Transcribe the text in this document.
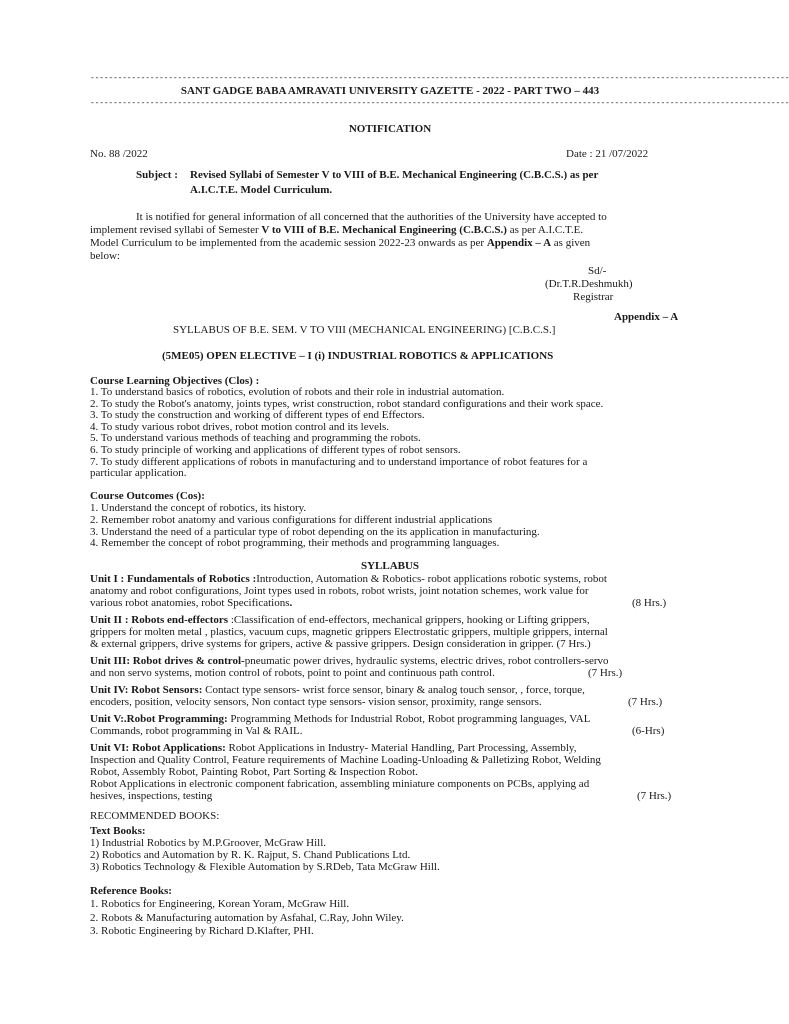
--------------------------------------------------------------------------------------------------------------------------------------------------------
SANT GADGE BABA AMRAVATI UNIVERSITY GAZETTE - 2022 - PART TWO – 443
--------------------------------------------------------------------------------------------------------------------------------------------------------
NOTIFICATION
No. 88 /2022	Date : 21 /07/2022
Subject : Revised Syllabi of Semester V to VIII of B.E. Mechanical Engineering (C.B.C.S.) as per
A.I.C.T.E. Model Curriculum.
It is notified for general information of all concerned that the authorities of the University have accepted to
implement revised syllabi of Semester V to VIII of B.E. Mechanical Engineering (C.B.C.S.) as per A.I.C.T.E.
Model Curriculum to be implemented from the academic session 2022-23 onwards as per Appendix – A as given
below:
Sd/-
(Dr.T.R.Deshmukh)
Registrar
Appendix – A
SYLLABUS OF B.E. SEM. V TO VIII (MECHANICAL ENGINEERING) [C.B.C.S.]
(5ME05) OPEN ELECTIVE – I (i) INDUSTRIAL ROBOTICS & APPLICATIONS
Course Learning Objectives (Clos) :
1. To understand basics of robotics, evolution of robots and their role in industrial automation.
2. To study the Robot's anatomy, joints types, wrist construction, robot standard configurations and their work space.
3. To study the construction and working of different types of end Effectors.
4. To study various robot drives, robot motion control and its levels.
5. To understand various methods of teaching and programming the robots.
6. To study principle of working and applications of different types of robot sensors.
7. To study different applications of robots in manufacturing and to understand importance of robot features for a
particular application.
Course Outcomes (Cos):
1. Understand the concept of robotics, its history.
2. Remember robot anatomy and various configurations for different industrial applications
3. Understand the need of a particular type of robot depending on the its application in manufacturing.
4. Remember the concept of robot programming, their methods and programming languages.
SYLLABUS
Unit I : Fundamentals of Robotics :Introduction, Automation & Robotics- robot applications robotic systems, robot
anatomy and robot configurations, Joint types used in robots, robot wrists, joint notation schemes, work value for
various robot anatomies, robot Specifications.	(8 Hrs.)
Unit II : Robots end-effectors :Classification of end-effectors, mechanical grippers, hooking or Lifting grippers,
grippers for molten metal , plastics, vacuum cups, magnetic grippers Electrostatic grippers, multiple grippers, internal
& external grippers, drive systems for gripers, active & passive grippers. Design consideration in gripper. (7 Hrs.)
Unit III: Robot drives & control-pneumatic power drives, hydraulic systems, electric drives, robot controllers-servo
and non servo systems, motion control of robots, point to point and continuous path control.	(7 Hrs.)
Unit IV: Robot Sensors: Contact type sensors- wrist force sensor, binary & analog touch sensor, , force, torque,
encoders, position, velocity sensors, Non contact type sensors- vision sensor, proximity, range sensors.	(7 Hrs.)
Unit V:.Robot Programming: Programming Methods for Industrial Robot, Robot programming languages, VAL
Commands, robot programming in Val & RAIL.	(6-Hrs)
Unit VI: Robot Applications: Robot Applications in Industry- Material Handling, Part Processing, Assembly,
Inspection and Quality Control, Feature requirements of Machine Loading-Unloading & Palletizing Robot, Welding
Robot, Assembly Robot, Painting Robot, Part Sorting & Inspection Robot.
Robot Applications in electronic component fabrication, assembling miniature components on PCBs, applying ad
hesives, inspections, testing	(7 Hrs.)
RECOMMENDED BOOKS:
Text Books:
1) Industrial Robotics by M.P.Groover, McGraw Hill.
2) Robotics and Automation by R. K. Rajput, S. Chand Publications Ltd.
3) Robotics Technology & Flexible Automation by S.RDeb, Tata McGraw Hill.
Reference Books:
1. Robotics for Engineering, Korean Yoram, McGraw Hill.
2. Robots & Manufacturing automation by Asfahal, C.Ray, John Wiley.
3. Robotic Engineering by Richard D.Klafter, PHI.
